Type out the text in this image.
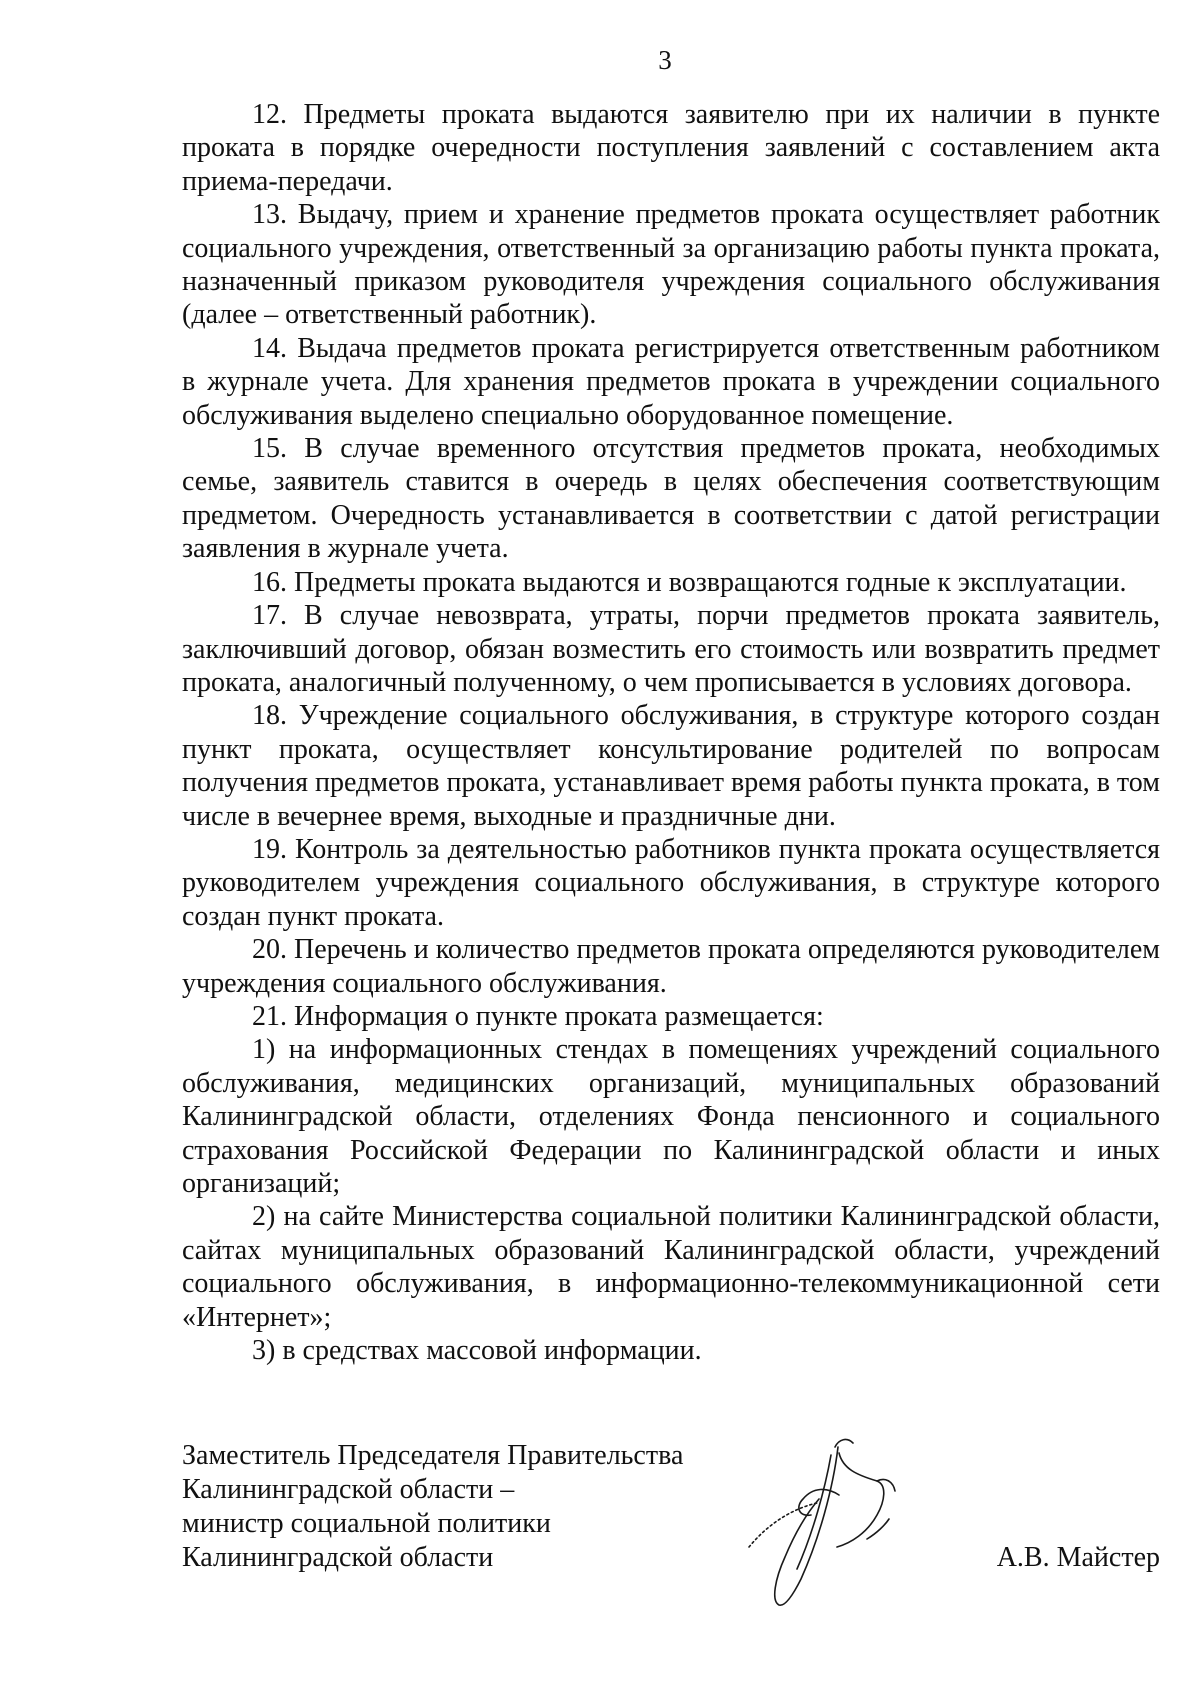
3

12. Предметы проката выдаются заявителю при их наличии в пункте проката в порядке очередности поступления заявлений с составлением акта приема-передачи.

13. Выдачу, прием и хранение предметов проката осуществляет работник социального учреждения, ответственный за организацию работы пункта проката, назначенный приказом руководителя учреждения социального обслуживания (далее – ответственный работник).

14. Выдача предметов проката регистрируется ответственным работником в журнале учета. Для хранения предметов проката в учреждении социального обслуживания выделено специально оборудованное помещение.

15. В случае временного отсутствия предметов проката, необходимых семье, заявитель ставится в очередь в целях обеспечения соответствующим предметом. Очередность устанавливается в соответствии с датой регистрации заявления в журнале учета.

16. Предметы проката выдаются и возвращаются годные к эксплуатации.

17. В случае невозврата, утраты, порчи предметов проката заявитель, заключивший договор, обязан возместить его стоимость или возвратить предмет проката, аналогичный полученному, о чем прописывается в условиях договора.

18. Учреждение социального обслуживания, в структуре которого создан пункт проката, осуществляет консультирование родителей по вопросам получения предметов проката, устанавливает время работы пункта проката, в том числе в вечернее время, выходные и праздничные дни.

19. Контроль за деятельностью работников пункта проката осуществляется руководителем учреждения социального обслуживания, в структуре которого создан пункт проката.

20. Перечень и количество предметов проката определяются руководителем учреждения социального обслуживания.

21. Информация о пункте проката размещается:

1) на информационных стендах в помещениях учреждений социального обслуживания, медицинских организаций, муниципальных образований Калининградской области, отделениях Фонда пенсионного и социального страхования Российской Федерации по Калининградской области и иных организаций;

2) на сайте Министерства социальной политики Калининградской области, сайтах муниципальных образований Калининградской области, учреждений социального обслуживания, в информационно-телекоммуникационной сети «Интернет»;

3) в средствах массовой информации.

Заместитель Председателя Правительства
Калининградской области –
министр социальной политики
Калининградской области	А.В. Майстер
